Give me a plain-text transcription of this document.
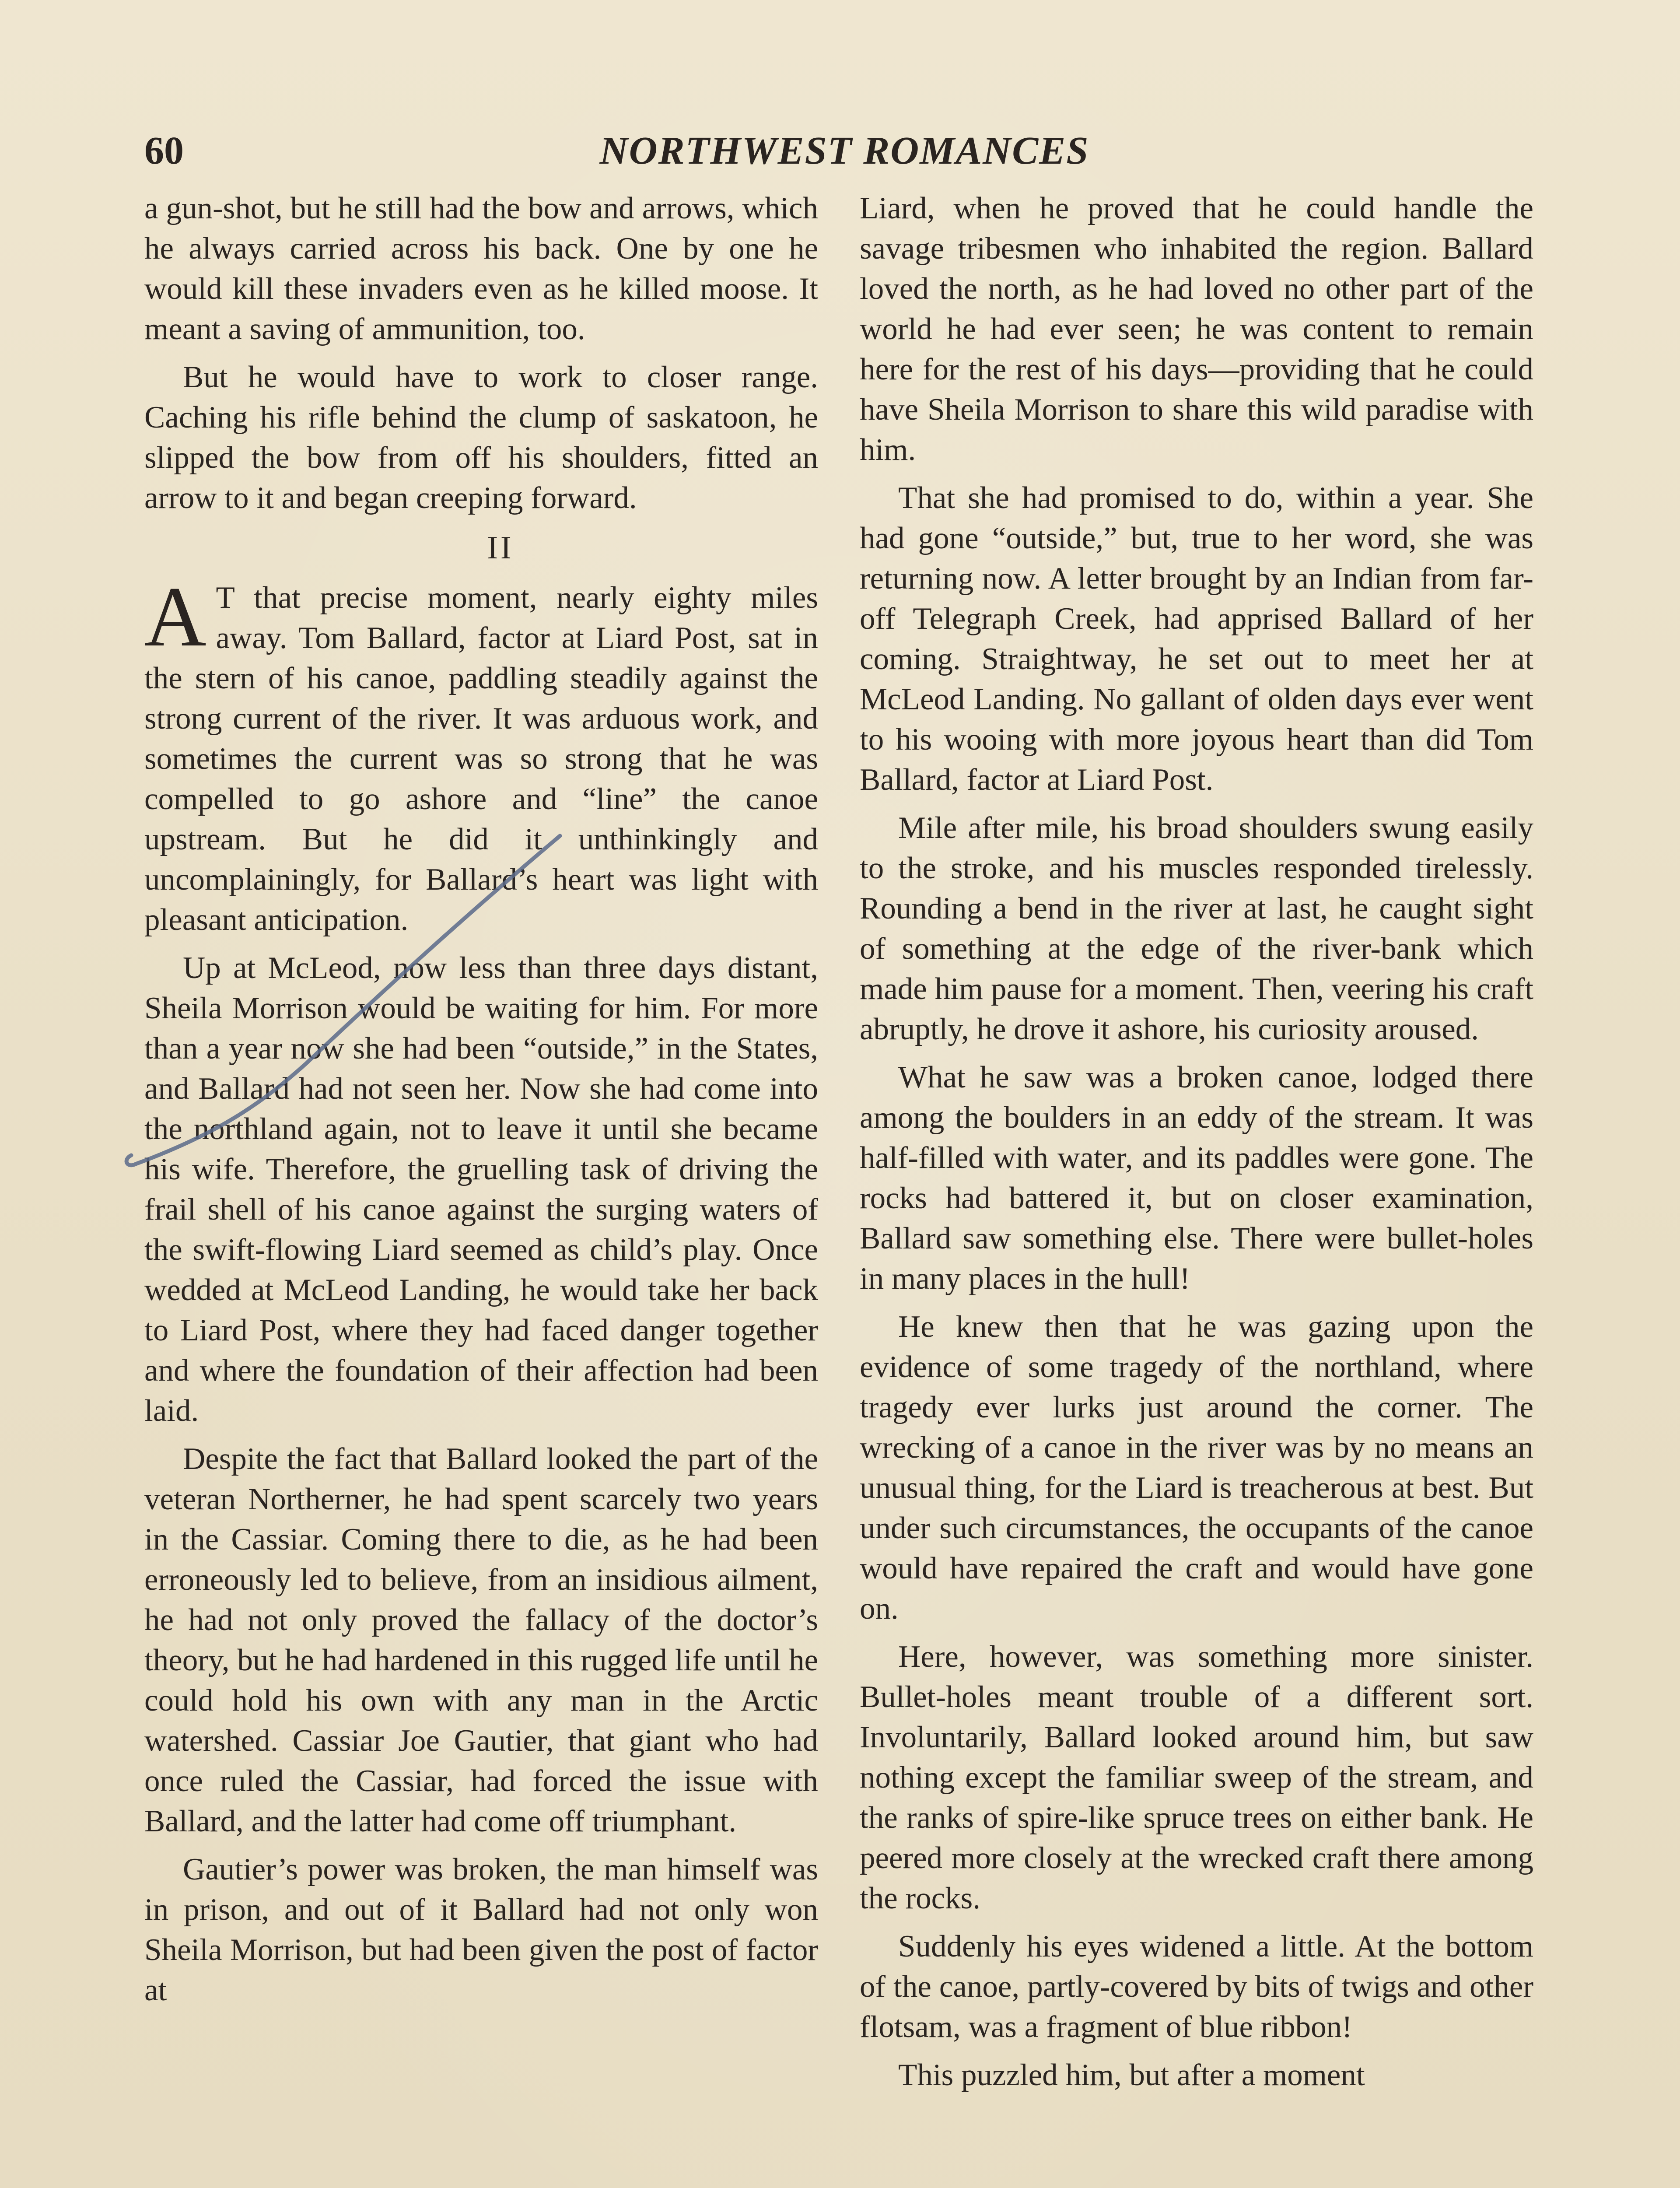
60	NORTHWEST ROMANCES

a gun-shot, but he still had the bow and arrows, which he always carried across his back. One by one he would kill these invaders even as he killed moose. It meant a saving of ammunition, too.

But he would have to work to closer range. Caching his rifle behind the clump of saskatoon, he slipped the bow from off his shoulders, fitted an arrow to it and began creeping forward.

II

A T that precise moment, nearly eighty miles away. Tom Ballard, factor at Liard Post, sat in the stern of his canoe, paddling steadily against the strong current of the river. It was arduous work, and sometimes the current was so strong that he was compelled to go ashore and “line” the canoe upstream. But he did it unthinkingly and uncomplainingly, for Ballard’s heart was light with pleasant anticipation.

Up at McLeod, now less than three days distant, Sheila Morrison would be waiting for him. For more than a year now she had been “outside,” in the States, and Ballard had not seen her. Now she had come into the northland again, not to leave it until she became his wife. Therefore, the gruelling task of driving the frail shell of his canoe against the surging waters of the swift-flowing Liard seemed as child’s play. Once wedded at McLeod Landing, he would take her back to Liard Post, where they had faced danger together and where the foundation of their affection had been laid.

Despite the fact that Ballard looked the part of the veteran Northerner, he had spent scarcely two years in the Cassiar. Coming there to die, as he had been erroneously led to believe, from an insidious ailment, he had not only proved the fallacy of the doctor’s theory, but he had hardened in this rugged life until he could hold his own with any man in the Arctic watershed. Cassiar Joe Gautier, that giant who had once ruled the Cassiar, had forced the issue with Ballard, and the latter had come off triumphant.

Gautier’s power was broken, the man himself was in prison, and out of it Ballard had not only won Sheila Morrison, but had been given the post of factor at

Liard, when he proved that he could handle the savage tribesmen who inhabited the region. Ballard loved the north, as he had loved no other part of the world he had ever seen; he was content to remain here for the rest of his days—providing that he could have Sheila Morrison to share this wild paradise with him.

That she had promised to do, within a year. She had gone “outside,” but, true to her word, she was returning now. A letter brought by an Indian from far-off Telegraph Creek, had apprised Ballard of her coming. Straightway, he set out to meet her at McLeod Landing. No gallant of olden days ever went to his wooing with more joyous heart than did Tom Ballard, factor at Liard Post.

Mile after mile, his broad shoulders swung easily to the stroke, and his muscles responded tirelessly. Rounding a bend in the river at last, he caught sight of something at the edge of the river-bank which made him pause for a moment. Then, veering his craft abruptly, he drove it ashore, his curiosity aroused.

What he saw was a broken canoe, lodged there among the boulders in an eddy of the stream. It was half-filled with water, and its paddles were gone. The rocks had battered it, but on closer examination, Ballard saw something else. There were bullet-holes in many places in the hull!

He knew then that he was gazing upon the evidence of some tragedy of the northland, where tragedy ever lurks just around the corner. The wrecking of a canoe in the river was by no means an unusual thing, for the Liard is treacherous at best. But under such circumstances, the occupants of the canoe would have repaired the craft and would have gone on.

Here, however, was something more sinister. Bullet-holes meant trouble of a different sort. Involuntarily, Ballard looked around him, but saw nothing except the familiar sweep of the stream, and the ranks of spire-like spruce trees on either bank. He peered more closely at the wrecked craft there among the rocks.

Suddenly his eyes widened a little. At the bottom of the canoe, partly-covered by bits of twigs and other flotsam, was a fragment of blue ribbon!

This puzzled him, but after a moment
